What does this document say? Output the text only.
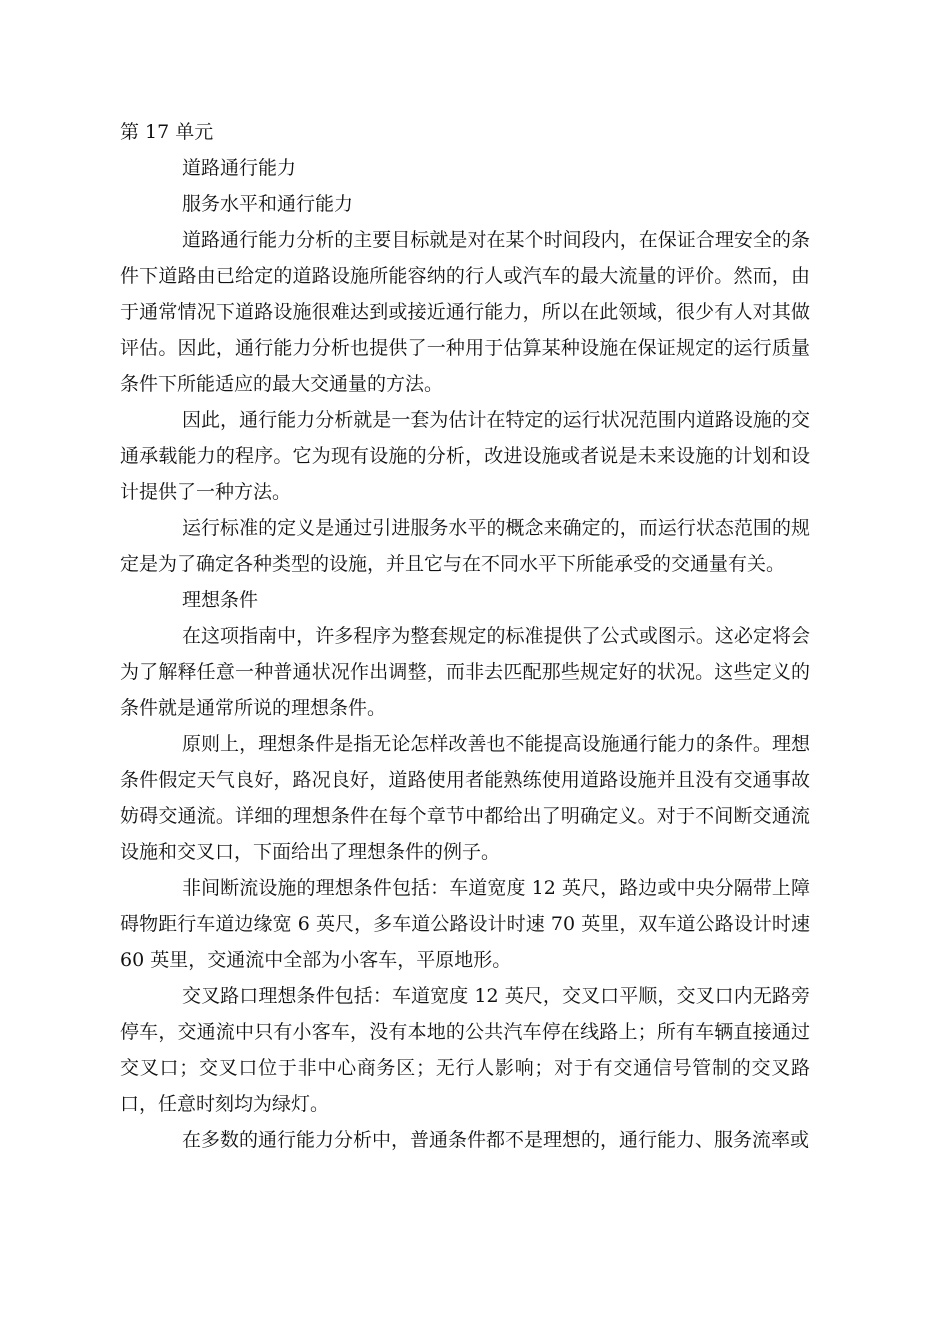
第 17 单元

道路通行能力

服务水平和通行能力

道路通行能力分析的主要目标就是对在某个时间段内，在保证合理安全的条件下道路由已给定的道路设施所能容纳的行人或汽车的最大流量的评价。然而，由于通常情况下道路设施很难达到或接近通行能力，所以在此领域，很少有人对其做评估。因此，通行能力分析也提供了一种用于估算某种设施在保证规定的运行质量条件下所能适应的最大交通量的方法。

因此，通行能力分析就是一套为估计在特定的运行状况范围内道路设施的交通承载能力的程序。它为现有设施的分析，改进设施或者说是未来设施的计划和设计提供了一种方法。

运行标准的定义是通过引进服务水平的概念来确定的，而运行状态范围的规定是为了确定各种类型的设施，并且它与在不同水平下所能承受的交通量有关。

理想条件

在这项指南中，许多程序为整套规定的标准提供了公式或图示。这必定将会为了解释任意一种普通状况作出调整，而非去匹配那些规定好的状况。这些定义的条件就是通常所说的理想条件。

原则上，理想条件是指无论怎样改善也不能提高设施通行能力的条件。理想条件假定天气良好，路况良好，道路使用者能熟练使用道路设施并且没有交通事故妨碍交通流。详细的理想条件在每个章节中都给出了明确定义。对于不间断交通流设施和交叉口，下面给出了理想条件的例子。

非间断流设施的理想条件包括：车道宽度 12 英尺，路边或中央分隔带上障碍物距行车道边缘宽 6 英尺，多车道公路设计时速 70 英里，双车道公路设计时速 60 英里，交通流中全部为小客车，平原地形。

交叉路口理想条件包括：车道宽度 12 英尺，交叉口平顺，交叉口内无路旁停车，交通流中只有小客车，没有本地的公共汽车停在线路上；所有车辆直接通过交叉口；交叉口位于非中心商务区；无行人影响；对于有交通信号管制的交叉路口，任意时刻均为绿灯。

在多数的通行能力分析中，普通条件都不是理想的，通行能力、服务流率或
